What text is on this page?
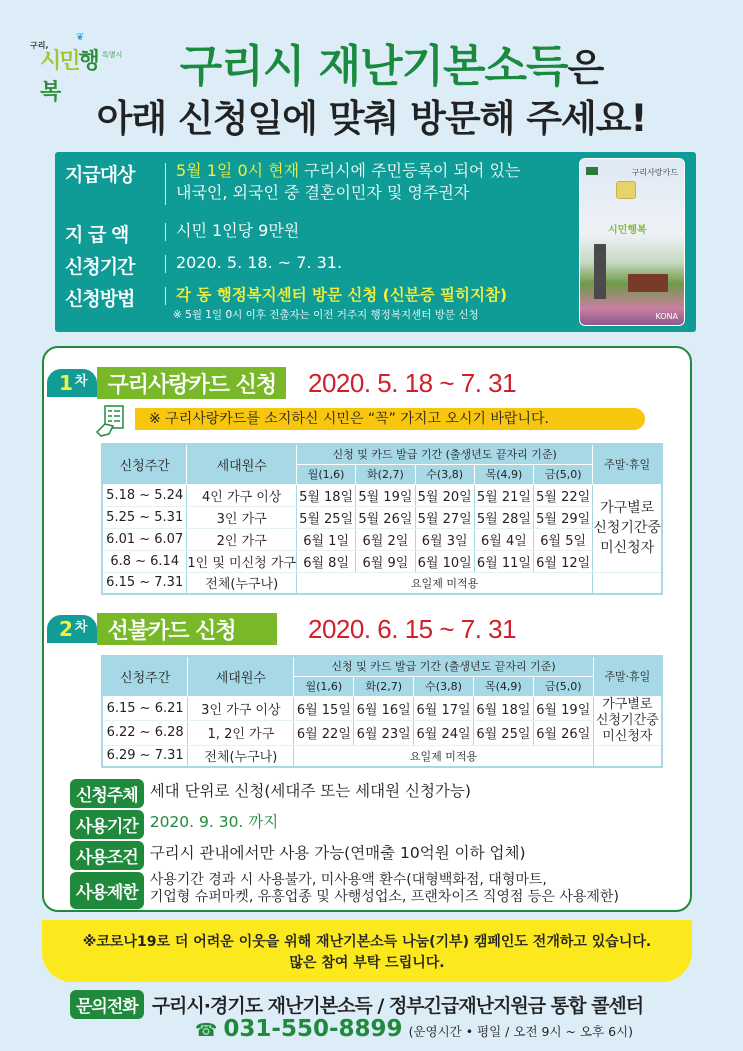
구리,
❦
시민행복
특별시	구리시 재난기본소득은
아래 신청일에 맞춰 방문해 주세요!
지급대상	5월 1일 0시 현재 구리시에 주민등록이 되어 있는
내국인, 외국인 중 결혼이민자 및 영주권자
지 급 액	시민 1인당 9만원
신청기간	2020. 5. 18. ~ 7. 31.
신청방법	각 동 행정복지센터 방문 신청 (신분증 필히지참)
※ 5월 1일 0시 이후 전출자는 이전 거주지 행정복지센터 방문 신청
구리사랑카드
시민행복
KONA
1 차 구리사랑카드 신청	2020. 5. 18 ~ 7. 31
※ 구리사랑카드를 소지하신 시민은 “꼭” 가지고 오시기 바랍니다.
신청주간	세대원수	신청 및 카드 발급 기간 (출생년도 끝자리 기준)					주말·휴일
		월(1,6)	화(2,7)	수(3,8)	목(4,9)	금(5,0)	
5.18 ~ 5.24	4인 가구 이상	5월 18일	5월 19일	5월 20일	5월 21일	5월 22일	가구별로
신청기간중
미신청자
5.25 ~ 5.31	3인 가구	5월 25일	5월 26일	5월 27일	5월 28일	5월 29일	
6.01 ~ 6.07	2인 가구	6월 1일	6월 2일	6월 3일	6월 4일	6월 5일	
6.8 ~ 6.14	1인 및 미신청 가구	6월 8일	6월 9일	6월 10일	6월 11일	6월 12일	
6.15 ~ 7.31	전체(누구나)	요일제 미적용					
2 차 선불카드 신청	2020. 6. 15 ~ 7. 31
신청주간	세대원수	신청 및 카드 발급 기간 (출생년도 끝자리 기준)					주말·휴일
		월(1,6)	화(2,7)	수(3,8)	목(4,9)	금(5,0)	
6.15 ~ 6.21	3인 가구 이상	6월 15일	6월 16일	6월 17일	6월 18일	6월 19일	가구별로
신청기간중
미신청자
6.22 ~ 6.28	1, 2인 가구	6월 22일	6월 23일	6월 24일	6월 25일	6월 26일	
6.29 ~ 7.31	전체(누구나)	요일제 미적용					
신청주체 세대 단위로 신청(세대주 또는 세대원 신청가능)
사용기간 2020. 9. 30. 까지
사용조건 구리시 관내에서만 사용 가능(연매출 10억원 이하 업체)
사용제한
사용기간 경과 시 사용불가, 미사용액 환수(대형백화점, 대형마트,
기업형 슈퍼마켓, 유흥업종 및 사행성업소, 프랜차이즈 직영점 등은 사용제한)
※코로나19로 더 어려운 이웃을 위해 재난기본소득 나눔(기부) 캠페인도 전개하고 있습니다.
많은 참여 부탁 드립니다.
문의전화 구리시·경기도 재난기본소득 / 정부긴급재난지원금 통합 콜센터
☎ 031-550-8899 (운영시간 • 평일 / 오전 9시 ~ 오후 6시)
